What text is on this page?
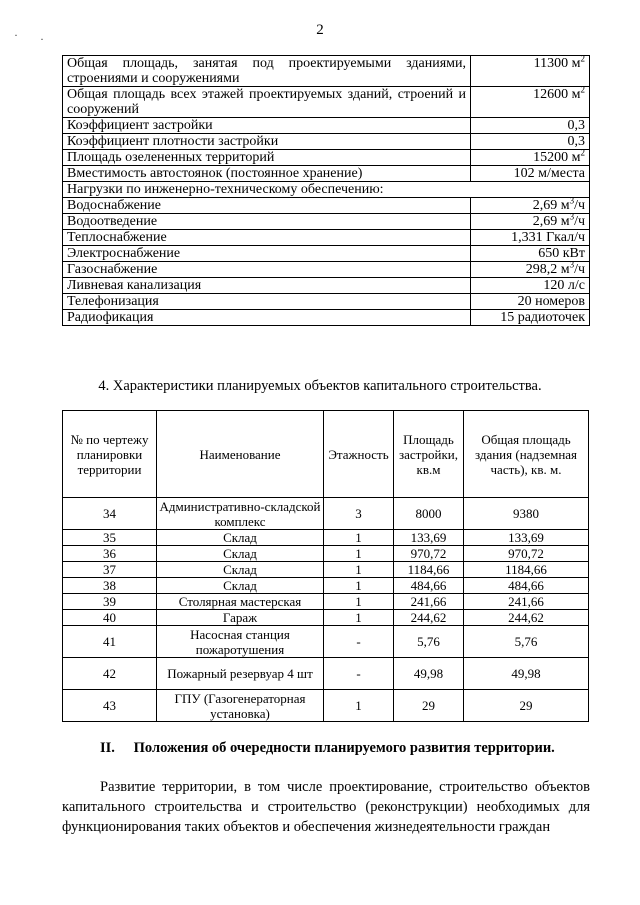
· ·
2
Общая площадь, занятая под проектируемыми зданиями, строениями и сооружениями	11300 $м^2$
Общая площадь всех этажей проектируемых зданий, строений и сооружений	12600 $м^2$
Коэффициент застройки	0,3
Коэффициент плотности застройки	0,3
Площадь озелененных территорий	15200 $м^2$
Вместимость автостоянок (постоянное хранение)	102 м/места
Нагрузки по инженерно-техническому обеспечению:	
Водоснабжение	2,69 $м^3/ч$
Водоотведение	2,69 $м^3/ч$
Теплоснабжение	1,331 Гкал/ч
Электроснабжение	650 кВт
Газоснабжение	298,2 $м^3/ч$
Ливневая канализация	120 л/с
Телефонизация	20 номеров
Радиофикация	15 радиоточек
4. Характеристики планируемых объектов капитального строительства.
№ по чертежу планировки территории	Наименование	Этажность	Площадь застройки, кв.м	Общая площадь здания (надземная часть), кв. м.
34	Административно-складской комплекс	3	8000	9380
35	Склад	1	133,69	133,69
36	Склад	1	970,72	970,72
37	Склад	1	1184,66	1184,66
38	Склад	1	484,66	484,66
39	Столярная мастерская	1	241,66	241,66
40	Гараж	1	244,62	244,62
41	Насосная станция пожаротушения	-	5,76	5,76
42	Пожарный резервуар 4 шт	-	49,98	49,98
43	ГПУ (Газогенераторная установка)	1	29	29
II. Положения об очередности планируемого развития территории.
Развитие территории, в том числе проектирование, строительство объектов капитального строительства и строительство (реконструкции) необходимых для функционирования таких объектов и обеспечения жизнедеятельности граждан
